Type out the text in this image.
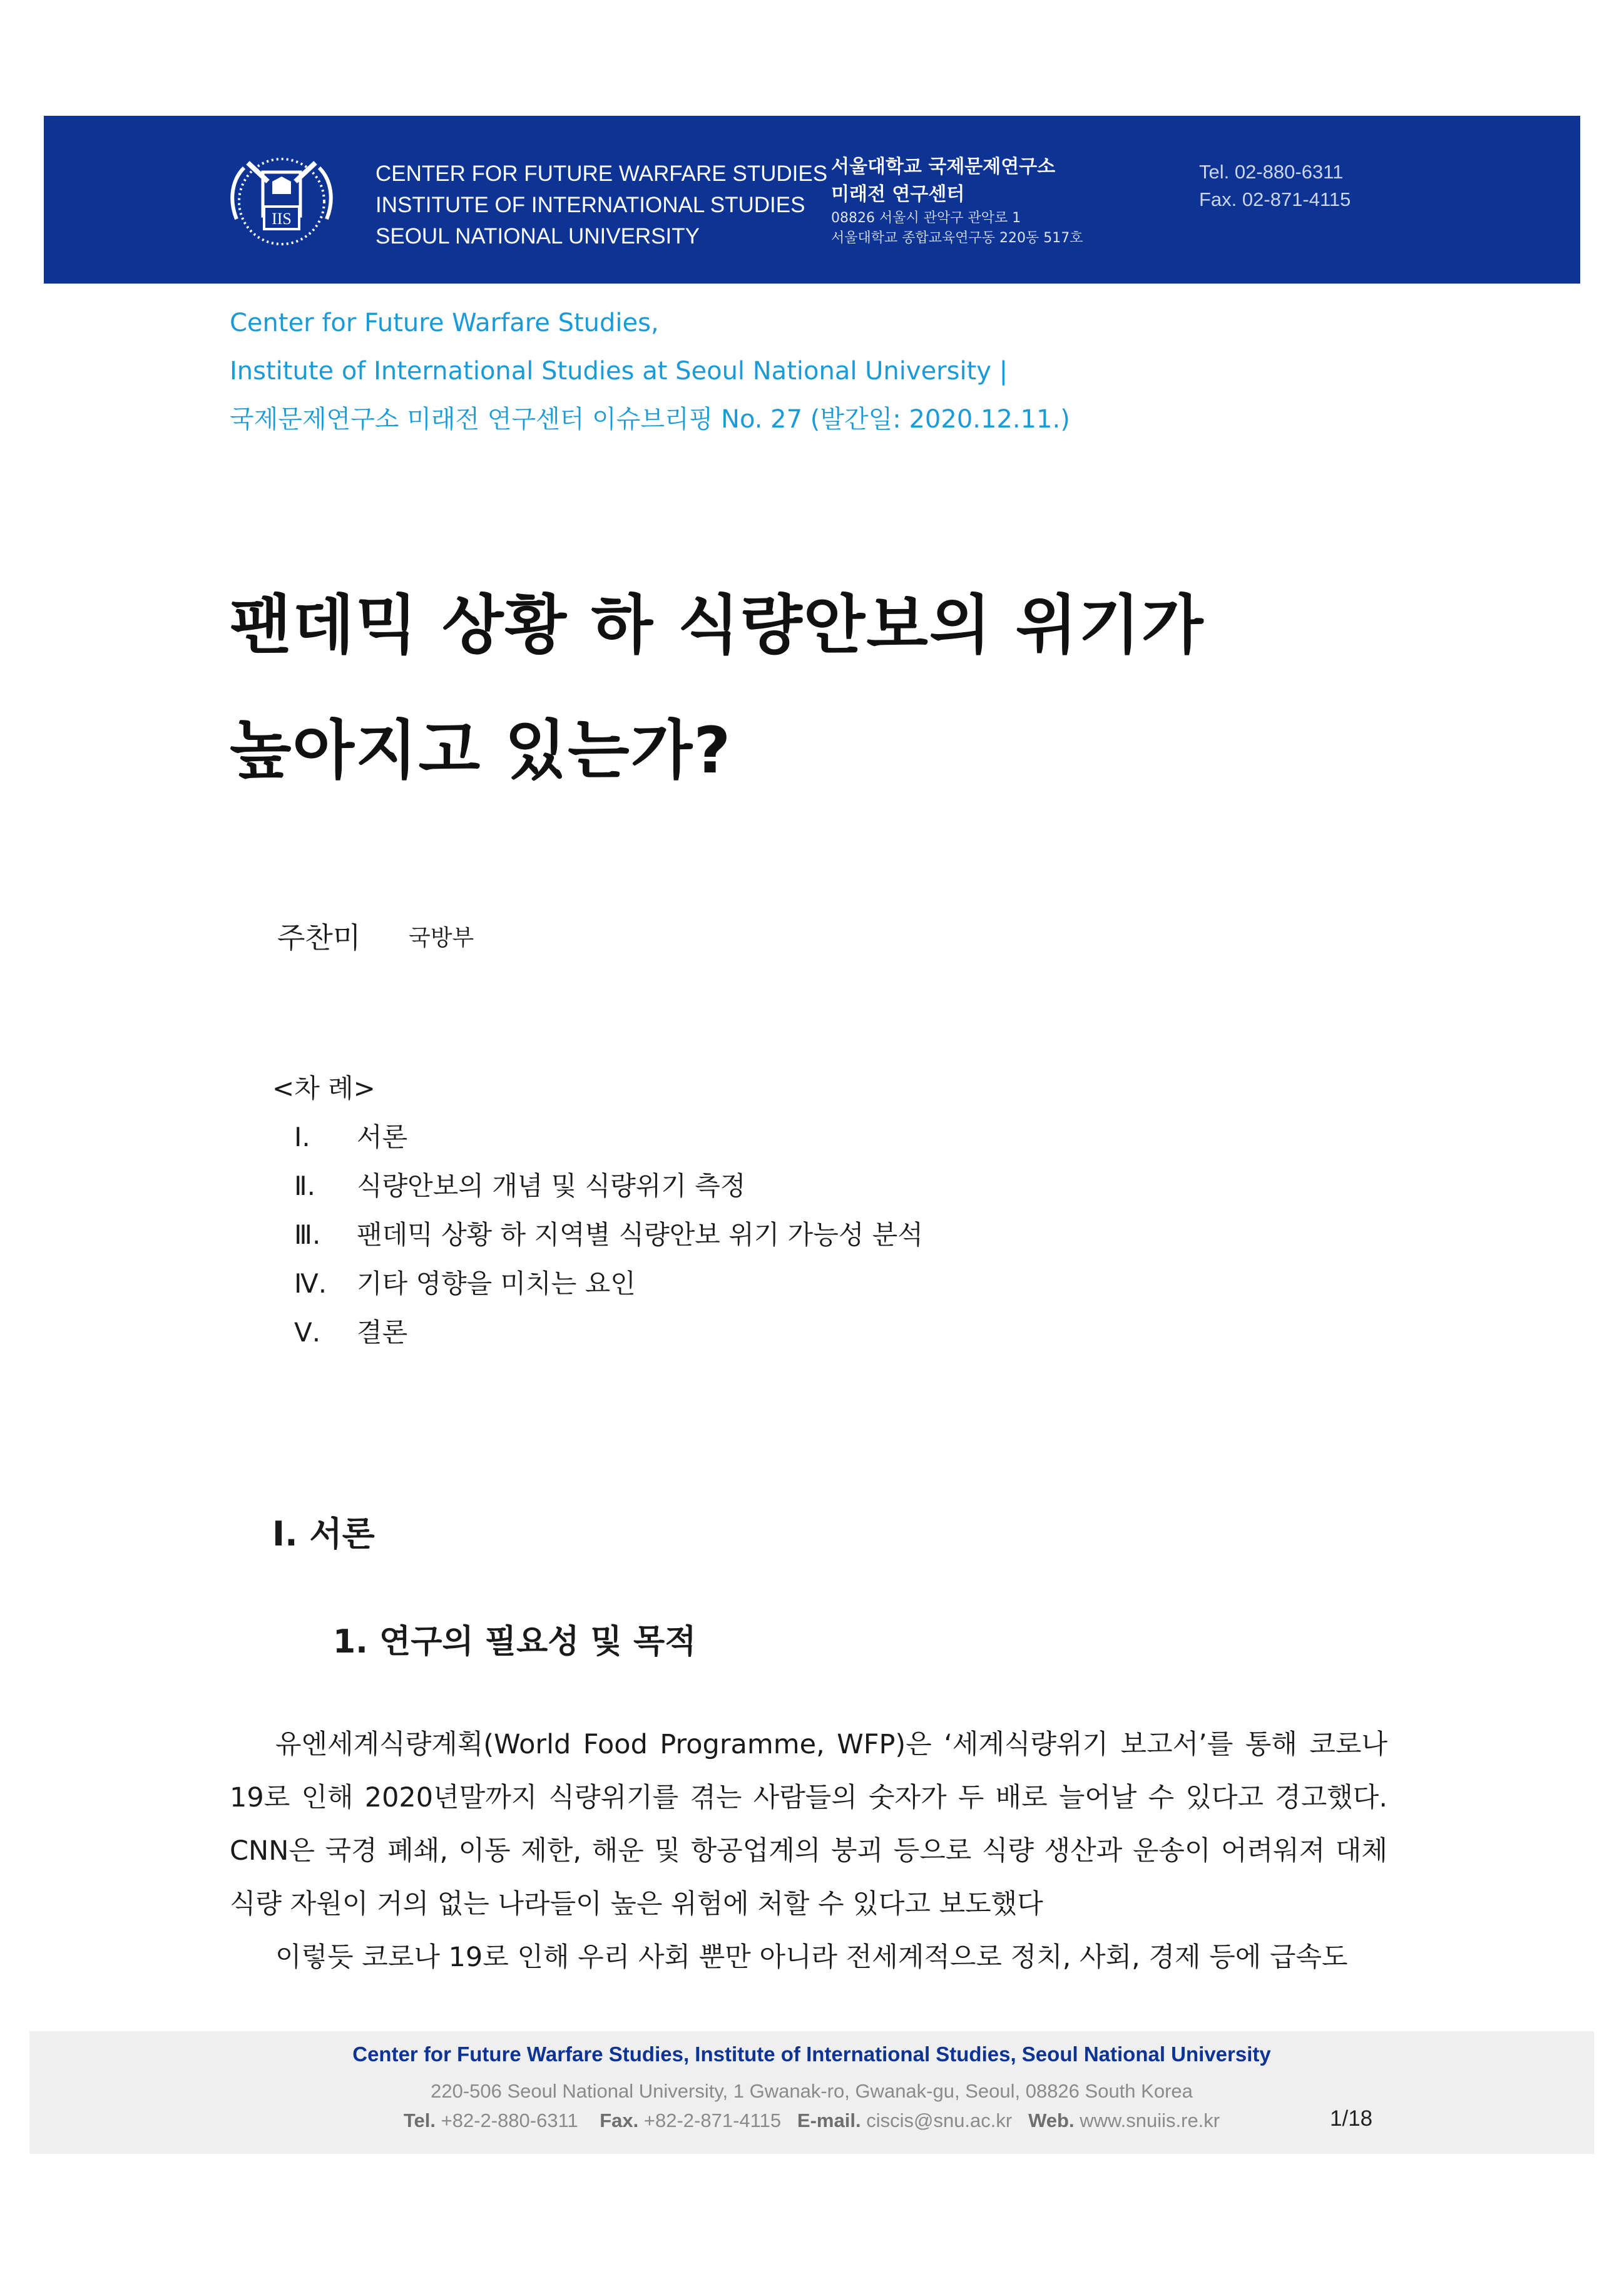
IIS
CENTER FOR FUTURE WARFARE STUDIES
INSTITUTE OF INTERNATIONAL STUDIES
SEOUL NATIONAL UNIVERSITY
서울대학교 국제문제연구소
미래전 연구센터
08826 서울시 관악구 관악로 1
서울대학교 종합교육연구동 220동 517호
Tel. 02-880-6311
Fax. 02-871-4115
Center for Future Warfare Studies,
Institute of International Studies at Seoul National University |
국제문제연구소 미래전 연구센터 이슈브리핑 No. 27 (발간일: 2020.12.11.)
팬데믹 상황 하 식량안보의 위기가
높아지고 있는가?
주찬미 국방부
<차 례>
Ⅰ. 서론
Ⅱ. 식량안보의 개념 및 식량위기 측정
Ⅲ. 팬데믹 상황 하 지역별 식량안보 위기 가능성 분석
Ⅳ. 기타 영향을 미치는 요인
Ⅴ. 결론
I. 서론
1. 연구의 필요성 및 목적

유엔세계식량계획(World Food Programme, WFP)은 ‘세계식량위기 보고서’를 통해 코로나19로 인해 2020년말까지 식량위기를 겪는 사람들의 숫자가 두 배로 늘어날 수 있다고 경고했다. CNN은 국경 폐쇄, 이동 제한, 해운 및 항공업계의 붕괴 등으로 식량 생산과 운송이 어려워져 대체 식량 자원이 거의 없는 나라들이 높은 위험에 처할 수 있다고 보도했다

이렇듯 코로나 19로 인해 우리 사회 뿐만 아니라 전세계적으로 정치, 사회, 경제 등에 급속도

Center for Future Warfare Studies, Institute of International Studies, Seoul National University
220-506 Seoul National University, 1 Gwanak-ro, Gwanak-gu, Seoul, 08826 South Korea
Tel. +82-2-880-6311 Fax. +82-2-871-4115 E-mail. ciscis@snu.ac.kr Web. www.snuiis.re.kr	1/18
